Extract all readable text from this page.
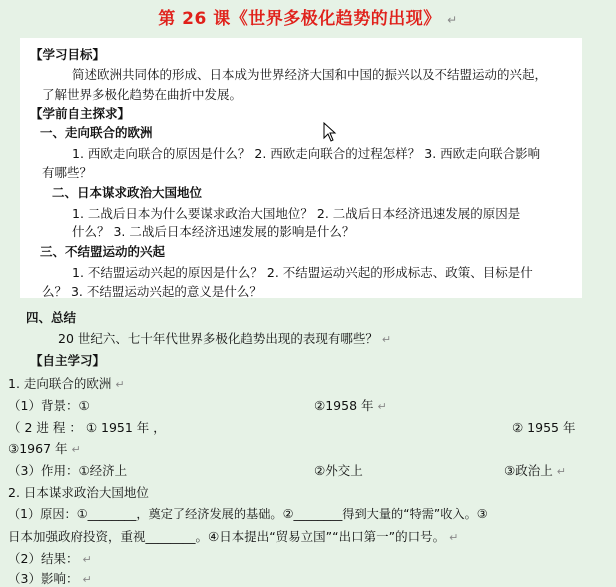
第 26 课《世界多极化趋势的出现》 ↵
【学习目标】
简述欧洲共同体的形成、日本成为世界经济大国和中国的振兴以及不结盟运动的兴起，
了解世界多极化趋势在曲折中发展。
【学前自主探求】
一、走向联合的欧洲
1. 西欧走向联合的原因是什么？ 2. 西欧走向联合的过程怎样？ 3. 西欧走向联合影响
有哪些？
二、日本谋求政治大国地位
1. 二战后日本为什么要谋求政治大国地位？ 2. 二战后日本经济迅速发展的原因是
什么？ 3. 二战后日本经济迅速发展的影响是什么？
三、不结盟运动的兴起
1. 不结盟运动兴起的原因是什么？ 2. 不结盟运动兴起的形成标志、政策、目标是什
么？ 3. 不结盟运动兴起的意义是什么？
四、总结
20 世纪六、七十年代世界多极化趋势出现的表现有哪些？ ↵
【自主学习】
1. 走向联合的欧洲 ↵
（1）背景：①	②1958 年 ↵
（ 2 进 程 ： ① 1951 年 ，	② 1955 年
③1967 年 ↵
（3）作用：①经济上	②外交上	③政治上 ↵
2. 日本谋求政治大国地位
（1）原因：①________，奠定了经济发展的基础。②________得到大量的“特需”收入。③
日本加强政府投资，重视________。④日本提出“贸易立国”“出口第一”的口号。 ↵
（2）结果： ↵
（3）影响： ↵
